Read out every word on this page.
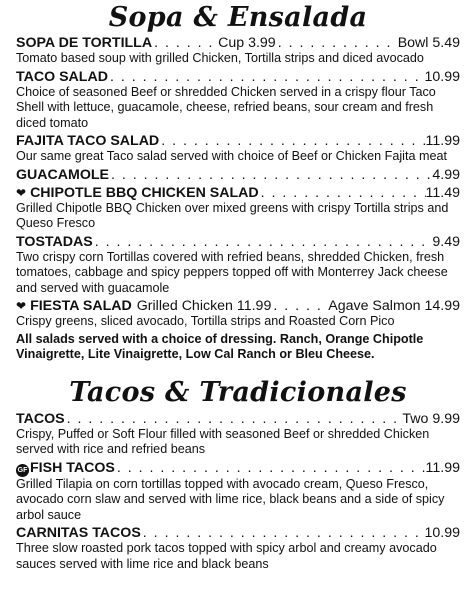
Sopa & Ensalada
SOPA DE TORTILLA . . .	Cup 3.99 . . .	Bowl 5.49

Tomato based soup with grilled Chicken, Tortilla strips and diced avocado

TACO SALAD . . .	10.99

Choice of seasoned Beef or shredded Chicken served in a crispy flour Taco Shell with lettuce, guacamole, cheese, refried beans, sour cream and fresh diced tomato

FAJITA TACO SALAD . . .	11.99

Our same great Taco salad served with choice of Beef or Chicken Fajita meat

GUACAMOLE . . .	4.99
❤ CHIPOTLE BBQ CHICKEN SALAD . . .	11.49

Grilled Chipotle BBQ Chicken over mixed greens with crispy Tortilla strips and Queso Fresco

TOSTADAS . . .	9.49

Two crispy corn Tortillas covered with refried beans, shredded Chicken, fresh tomatoes, cabbage and spicy peppers topped off with Monterrey Jack cheese and served with guacamole

❤ FIESTA SALAD Grilled Chicken 11.99 . . .	Agave Salmon 14.99

Crispy greens, sliced avocado, Tortilla strips and Roasted Corn Pico

All salads served with a choice of dressing. Ranch, Orange Chipotle Vinaigrette, Lite Vinaigrette, Low Cal Ranch or Bleu Cheese.

Tacos & Tradicionales
TACOS . . .	Two 9.99

Crispy, Puffed or Soft Flour filled with seasoned Beef or shredded Chicken served with rice and refried beans

GF FISH TACOS . . .	11.99

Grilled Tilapia on corn tortillas topped with avocado cream, Queso Fresco, avocado corn slaw and served with lime rice, black beans and a side of spicy arbol sauce

CARNITAS TACOS . . .	10.99

Three slow roasted pork tacos topped with spicy arbol and creamy avocado sauces served with lime rice and black beans
